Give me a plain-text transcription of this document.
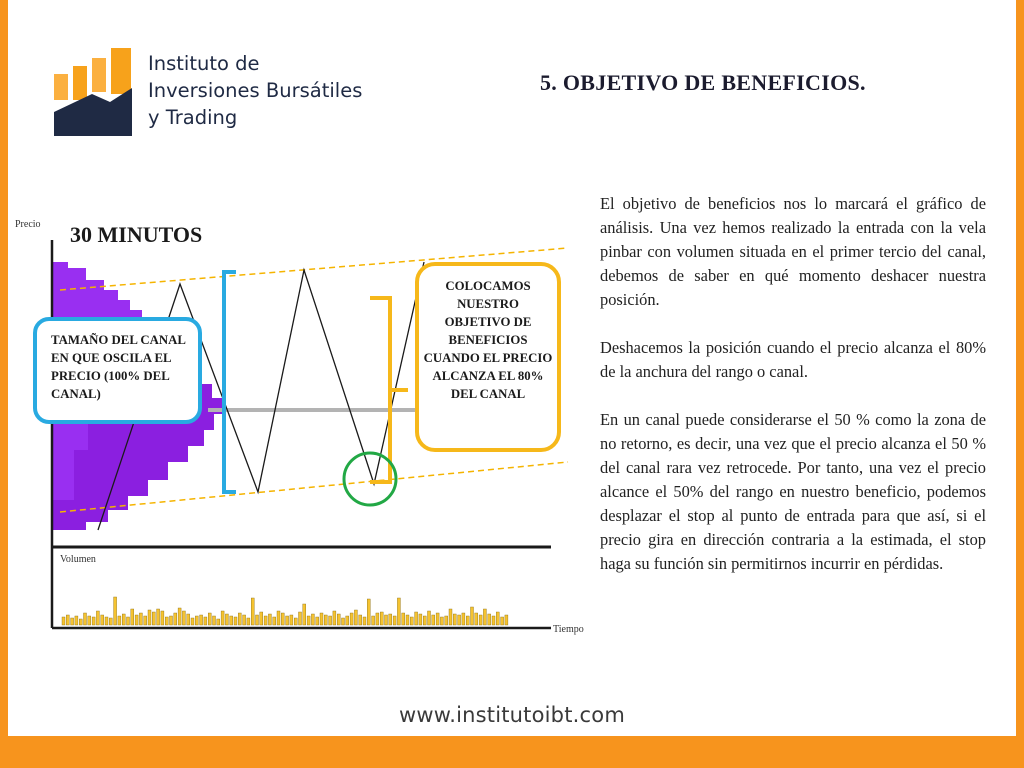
Instituto de
Inversiones Bursátiles
y Trading
5. OBJETIVO DE BENEFICIOS.

El objetivo de beneficios nos lo marcará el gráfico de análisis. Una vez hemos realizado la entrada con la vela pinbar con volumen situada en el primer tercio del canal, debemos de saber en qué momento deshacer nuestra posición.

Deshacemos la posición cuando el precio alcanza el 80% de la anchura del rango o canal.

En un canal puede considerarse el 50 % como la zona de no retorno, es decir, una vez que el precio alcanza el 50 % del canal rara vez retrocede. Por tanto, una vez el precio alcance el 50% del rango en nuestro beneficio, podemos desplazar el stop al punto de entrada para que así, si el precio gira en dirección contraria a la estimada, el stop haga su función sin permitirnos incurrir en pérdidas.

Precio 30 MINUTOS
Volumen
Tiempo
TAMAÑO DEL CANAL EN QUE OSCILA EL PRECIO (100% DEL CANAL)
COLOCAMOS NUESTRO OBJETIVO DE BENEFICIOS CUANDO EL PRECIO ALCANZA EL 80% DEL CANAL
www.institutoibt.com
